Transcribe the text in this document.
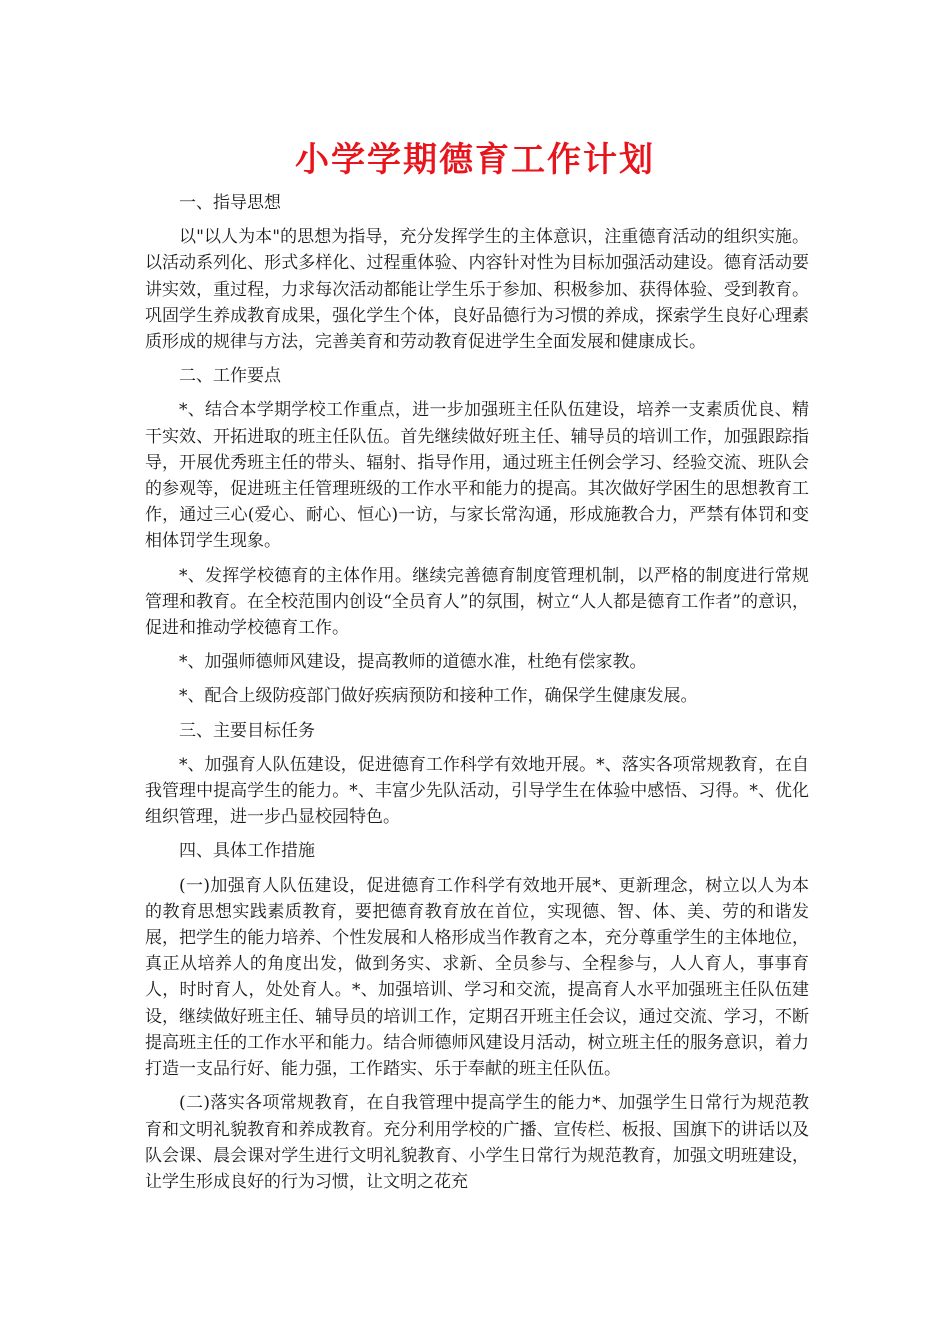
小学学期德育工作计划

一、指导思想

以"以人为本"的思想为指导，充分发挥学生的主体意识，注重德育活动的组织实施。以活动系列化、形式多样化、过程重体验、内容针对性为目标加强活动建设。德育活动要讲实效，重过程，力求每次活动都能让学生乐于参加、积极参加、获得体验、受到教育。巩固学生养成教育成果，强化学生个体，良好品德行为习惯的养成，探索学生良好心理素质形成的规律与方法，完善美育和劳动教育促进学生全面发展和健康成长。

二、工作要点

*、结合本学期学校工作重点，进一步加强班主任队伍建设，培养一支素质优良、精干实效、开拓进取的班主任队伍。首先继续做好班主任、辅导员的培训工作，加强跟踪指导，开展优秀班主任的带头、辐射、指导作用，通过班主任例会学习、经验交流、班队会的参观等，促进班主任管理班级的工作水平和能力的提高。其次做好学困生的思想教育工作，通过三心(爱心、耐心、恒心)一访，与家长常沟通，形成施教合力，严禁有体罚和变相体罚学生现象。

*、发挥学校德育的主体作用。继续完善德育制度管理机制，以严格的制度进行常规管理和教育。在全校范围内创设“全员育人”的氛围，树立“人人都是德育工作者”的意识，促进和推动学校德育工作。

*、加强师德师风建设，提高教师的道德水准，杜绝有偿家教。

*、配合上级防疫部门做好疾病预防和接种工作，确保学生健康发展。

三、主要目标任务

*、加强育人队伍建设，促进德育工作科学有效地开展。*、落实各项常规教育，在自我管理中提高学生的能力。*、丰富少先队活动，引导学生在体验中感悟、习得。*、优化组织管理，进一步凸显校园特色。

四、具体工作措施

(一)加强育人队伍建设，促进德育工作科学有效地开展*、更新理念，树立以人为本的教育思想实践素质教育，要把德育教育放在首位，实现德、智、体、美、劳的和谐发展，把学生的能力培养、个性发展和人格形成当作教育之本，充分尊重学生的主体地位，真正从培养人的角度出发，做到务实、求新、全员参与、全程参与，人人育人，事事育人，时时育人，处处育人。*、加强培训、学习和交流，提高育人水平加强班主任队伍建设，继续做好班主任、辅导员的培训工作，定期召开班主任会议，通过交流、学习，不断提高班主任的工作水平和能力。结合师德师风建设月活动，树立班主任的服务意识，着力打造一支品行好、能力强，工作踏实、乐于奉献的班主任队伍。

(二)落实各项常规教育，在自我管理中提高学生的能力*、加强学生日常行为规范教育和文明礼貌教育和养成教育。充分利用学校的广播、宣传栏、板报、国旗下的讲话以及队会课、晨会课对学生进行文明礼貌教育、小学生日常行为规范教育，加强文明班建设，让学生形成良好的行为习惯，让文明之花充
